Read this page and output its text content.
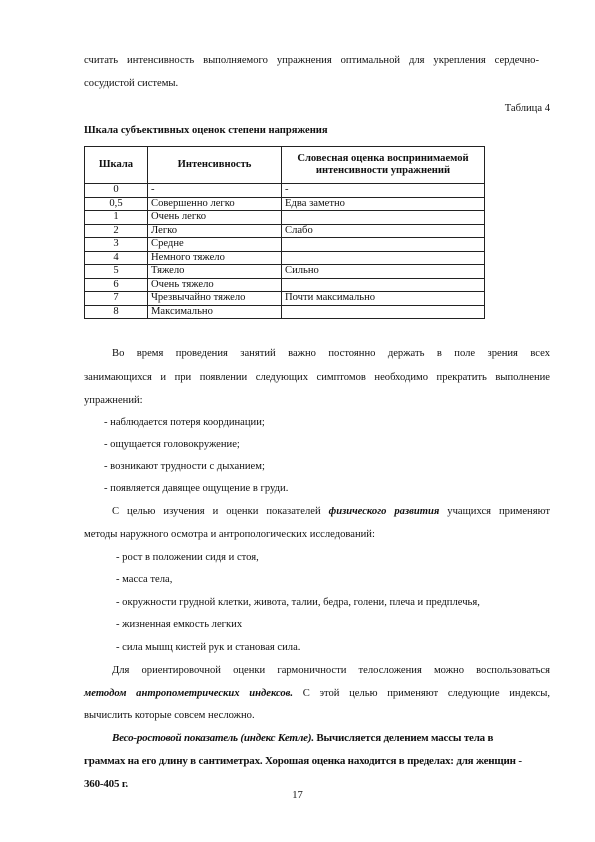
считать интенсивность выполняемого упражнения оптимальной для укрепления сердечно-
сосудистой системы.
Таблица 4
Шкала субъективных оценок степени напряжения
Шкала	Интенсивность	Словесная оценка воспринимаемой интенсивности упражнений
0	-	-
0,5	Совершенно легко	Едва заметно
1	Очень легко	
2	Легко	Слабо
3	Средне	
4	Немного тяжело	
5	Тяжело	Сильно
6	Очень тяжело	
7	Чрезвычайно тяжело	Почти максимально
8	Максимально	
Во время проведения занятий важно постоянно держать в поле зрения всех
занимающихся и при появлении следующих симптомов необходимо прекратить выполнение
упражнений:
- наблюдается потеря координации;
- ощущается головокружение;
- возникают трудности с дыханием;
- появляется давящее ощущение в груди.
С целью изучения и оценки показателей физического развития учащихся применяют
методы наружного осмотра и антропологических исследований:
- рост в положении сидя и стоя,
- масса тела,
- окружности грудной клетки, живота, талии, бедра, голени, плеча и предплечья,
- жизненная емкость легких
- сила мышц кистей рук и становая сила.
Для ориентировочной оценки гармоничности телосложения можно воспользоваться
методом антропометрических индексов. С этой целью применяют следующие индексы,
вычислить которые совсем несложно.
Весо-ростовой показатель (индекс Кетле). Вычисляется делением массы тела в
граммах на его длину в сантиметрах. Хорошая оценка находится в пределах: для женщин -
360-405 г.
17
